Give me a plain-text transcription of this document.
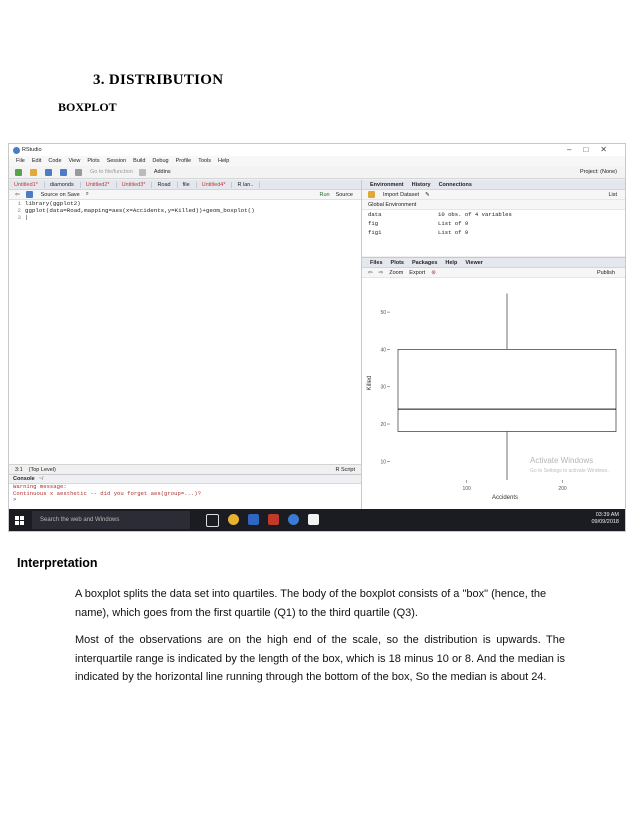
3. DISTRIBUTION
BOXPLOT
RStudio	–□✕
File Edit Code View Plots Session Build Debug Profile Tools Help
Go to file/function	Addins	Project: (None)
Untitled1*	diamonds	Untitled2*	Untitled3*	Road	file	Untitled4*	R lan..
⇦	Source on Save ⌕	Run Source
1 library(ggplot2)
2 ggplot(data=Road,mapping=aes(x=Accidents,y=Killed))+geom_boxplot()
3 |
3:1 (Top Level)	R Script
Console ~/
Warning message:
Continuous x aesthetic -- did you forget aes(group=...)?
>
Environment History Connections
Import Dataset ✎	List
Global Environment
data	10 obs. of 4 variables
fig	List of 9
fig1	List of 9
Files Plots Packages Help Viewer
⇦ ⇨ Zoom Export ⊗	Publish
10
20
30
40
50
100	200
Killed
Accidents
Activate Windows
Go to Settings to activate Windows.
Search the web and Windows
03:39 AM
09/09/2018
Interpretation
A boxplot splits the data set into quartiles. The body of the boxplot consists of a "box" (hence, the name), which goes from the first quartile (Q1) to the third quartile (Q3).
Most of the observations are on the high end of the scale, so the distribution is upwards. The interquartile range is indicated by the length of the box, which is 18 minus 10 or 8. And the median is indicated by the horizontal line running through the bottom of the box, So the median is about 24.
